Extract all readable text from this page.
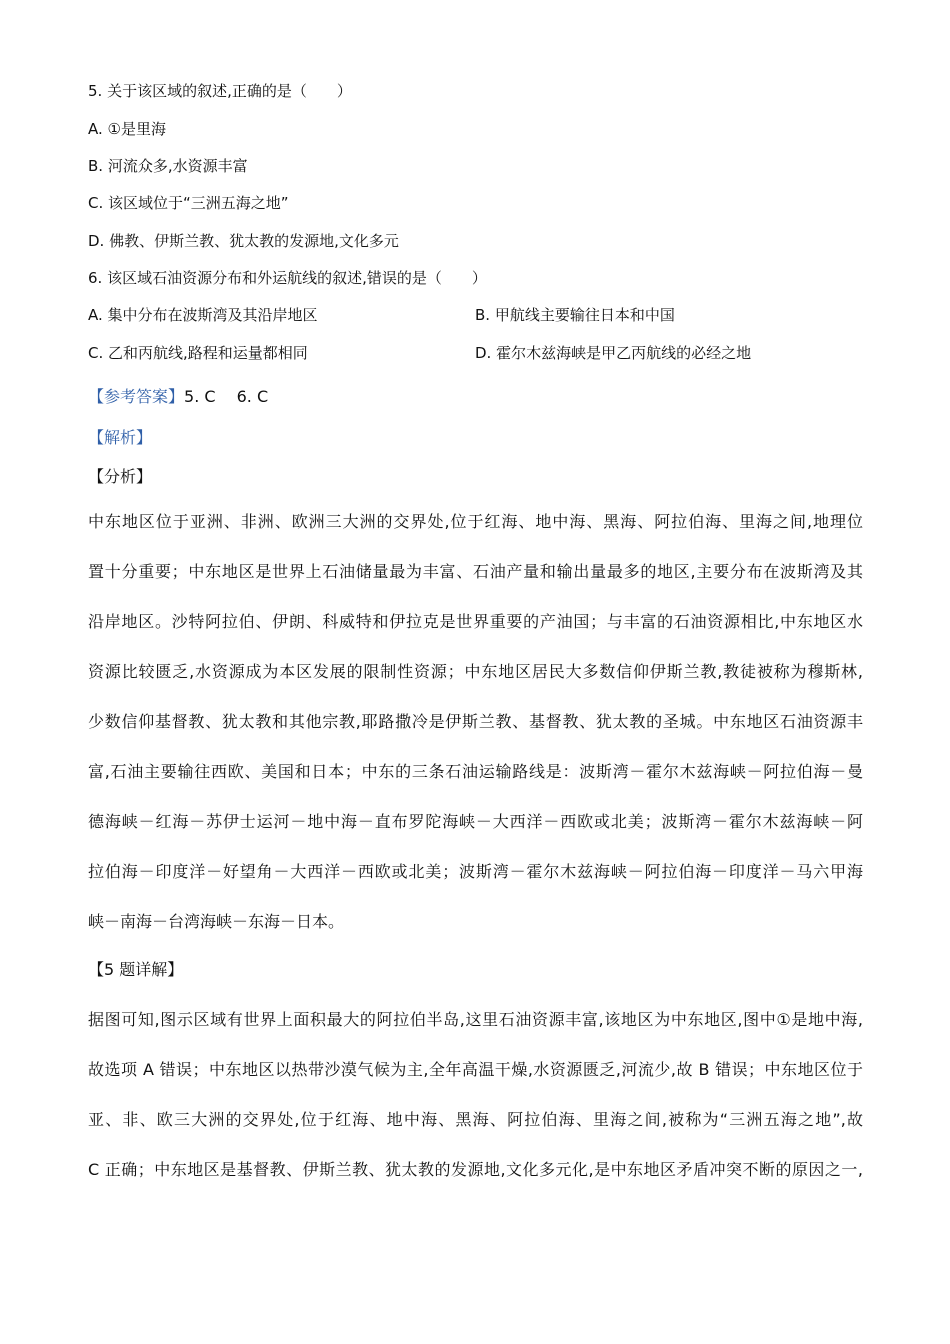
5. 关于该区域的叙述,正确的是（　　）
A. ①是里海
B. 河流众多,水资源丰富
C. 该区域位于“三洲五海之地”
D. 佛教、伊斯兰教、犹太教的发源地,文化多元
6. 该区域石油资源分布和外运航线的叙述,错误的是（　　）
A. 集中分布在波斯湾及其沿岸地区	B. 甲航线主要输往日本和中国
C. 乙和丙航线,路程和运量都相同	D. 霍尔木兹海峡是甲乙丙航线的必经之地
【参考答案】5. C　 6. C
【解析】
【分析】

中东地区位于亚洲、非洲、欧洲三大洲的交界处,位于红海、地中海、黑海、阿拉伯海、里海之间,地理位

置十分重要；中东地区是世界上石油储量最为丰富、石油产量和输出量最多的地区,主要分布在波斯湾及其

沿岸地区。沙特阿拉伯、伊朗、科威特和伊拉克是世界重要的产油国；与丰富的石油资源相比,中东地区水

资源比较匮乏,水资源成为本区发展的限制性资源；中东地区居民大多数信仰伊斯兰教,教徒被称为穆斯林,

少数信仰基督教、犹太教和其他宗教,耶路撒冷是伊斯兰教、基督教、犹太教的圣城。中东地区石油资源丰

富,石油主要输往西欧、美国和日本；中东的三条石油运输路线是：波斯湾－霍尔木兹海峡－阿拉伯海－曼

德海峡－红海－苏伊士运河－地中海－直布罗陀海峡－大西洋－西欧或北美；波斯湾－霍尔木兹海峡－阿

拉伯海－印度洋－好望角－大西洋－西欧或北美；波斯湾－霍尔木兹海峡－阿拉伯海－印度洋－马六甲海

峡－南海－台湾海峡－东海－日本。

【5 题详解】

据图可知,图示区域有世界上面积最大的阿拉伯半岛,这里石油资源丰富,该地区为中东地区,图中①是地中海,

故选项 A 错误；中东地区以热带沙漠气候为主,全年高温干燥,水资源匮乏,河流少,故 B 错误；中东地区位于

亚、非、欧三大洲的交界处,位于红海、地中海、黑海、阿拉伯海、里海之间,被称为“三洲五海之地”,故

C 正确；中东地区是基督教、伊斯兰教、犹太教的发源地,文化多元化,是中东地区矛盾冲突不断的原因之一,
